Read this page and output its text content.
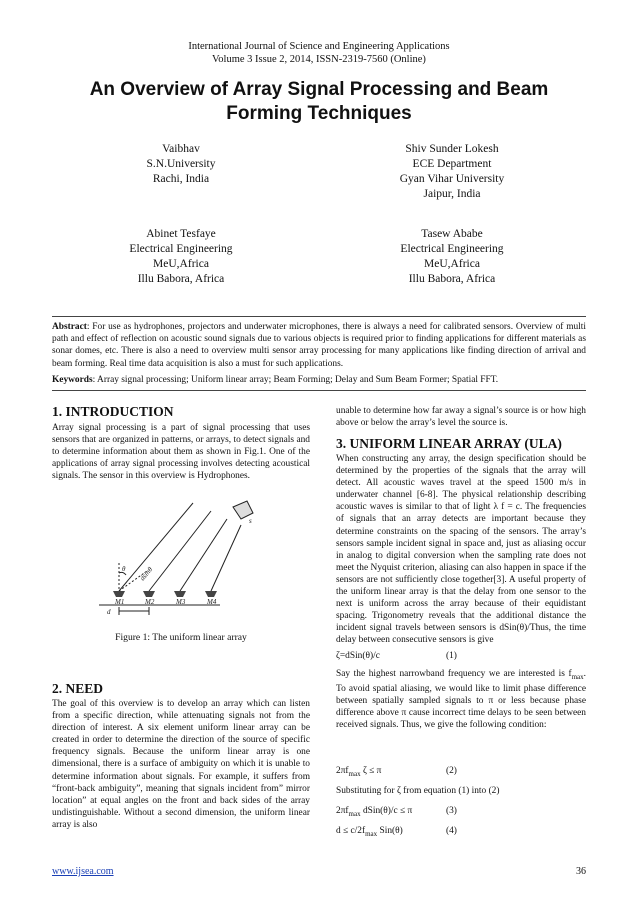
International Journal of Science and Engineering Applications
Volume 3 Issue 2, 2014, ISSN-2319-7560 (Online)
An Overview of Array Signal Processing and Beam
Forming Techniques
Vaibhav
S.N.University
Rachi, India
Shiv Sunder Lokesh
ECE Department
Gyan Vihar University
Jaipur, India
Abinet Tesfaye
Electrical Engineering
MeU,Africa
Illu Babora, Africa
Tasew Ababe
Electrical Engineering
MeU,Africa
Illu Babora, Africa
Abstract: For use as hydrophones, projectors and underwater microphones, there is always a need for calibrated sensors. Overview of multi path and effect of reflection on acoustic sound signals due to various objects is required prior to finding applications for different materials as sonar domes, etc. There is also a need to overview multi sensor array processing for many applications like finding direction of arrival and beam forming. Real time data acquisition is also a must for such applications.
Keywords: Array signal processing; Uniform linear array; Beam Forming; Delay and Sum Beam Former; Spatial FFT.
1. INTRODUCTION

Array signal processing is a part of signal processing that uses sensors that are organized in patterns, or arrays, to detect signals and to determine information about them as shown in Fig.1. One of the applications of array signal processing involves detecting acoustical signals. The sensor in this overview is Hydrophones.

s
θ
d
dsinθ
M1	M2	M3	M4
Figure 1: The uniform linear array
2. NEED

The goal of this overview is to develop an array which can listen from a specific direction, while attenuating signals not from the direction of interest. A six element uniform linear array can be created in order to determine the direction of the source of specific frequency signals. Because the uniform linear array is one dimensional, there is a surface of ambiguity on which it is unable to determine information about signals. For example, it suffers from “front-back ambiguity”, meaning that signals incident from” mirror location” at equal angles on the front and back sides of the array undistinguishable. Without a second dimension, the uniform linear array is also

unable to determine how far away a signal’s source is or how high above or below the array’s level the source is.

3. UNIFORM LINEAR ARRAY (ULA)

When constructing any array, the design specification should be determined by the properties of the signals that the array will detect. All acoustic waves travel at the speed 1500 m/s in underwater channel [6-8]. The physical relationship describing acoustic waves is similar to that of light λ f = c. The frequencies of signals that an array detects are important because they determine constraints on the spacing of the sensors. The array’s sensors sample incident signal in space and, just as aliasing occur in analog to digital conversion when the sampling rate does not meet the Nyquist criterion, aliasing can also happen in space if the sensors are not sufficiently close together[3]. A useful property of the uniform linear array is that the delay from one sensor to the next is uniform across the array because of their equidistant spacing. Trigonometry reveals that the additional distance the incident signal travels between sensors is dSin(θ)/Thus, the time delay between consecutive sensors is give

ζ=dSin(θ)/c	(1)

Say the highest narrowband frequency we are interested is $f_{max}$. To avoid spatial aliasing, we would like to limit phase difference between spatially sampled signals to π or less because phase difference above π cause incorrect time delays to be seen between received signals. Thus, we give the following condition:

$2\pi f_{max}$ ζ ≤ π	(2)
Substituting for ζ from equation (1) into (2)
$2\pi f_{max}$ dSin(θ)/c ≤ π	(3)
$d \le c/2f_{max}$ Sin(θ)	(4)
www.ijsea.com	36
